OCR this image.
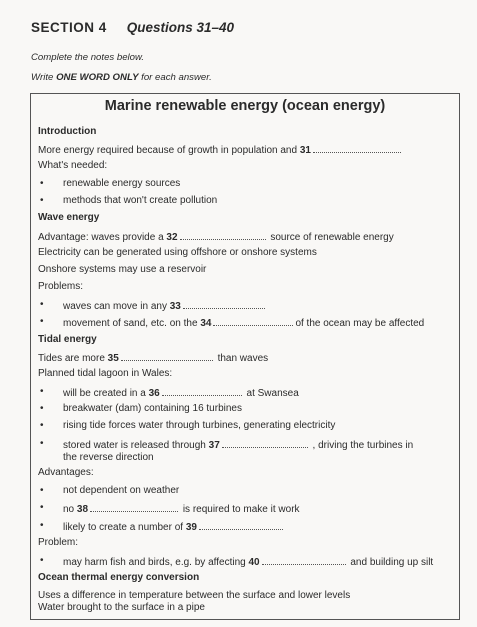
SECTION 4 Questions 31–40
Complete the notes below.
Write ONE WORD ONLY for each answer.
Marine renewable energy (ocean energy)
Introduction
More energy required because of growth in population and 31
What's needed:
• renewable energy sources
• methods that won't create pollution
Wave energy
Advantage: waves provide a 32	source of renewable energy
Electricity can be generated using offshore or onshore systems
Onshore systems may use a reservoir
Problems:
• waves can move in any 33
• movement of sand, etc. on the 34	of the ocean may be affected
Tidal energy
Tides are more 35	than waves
Planned tidal lagoon in Wales:
• will be created in a 36	at Swansea
• breakwater (dam) containing 16 turbines
• rising tide forces water through turbines, generating electricity
• stored water is released through 37	, driving the turbines in
the reverse direction
Advantages:
• not dependent on weather
• no 38	is required to make it work
• likely to create a number of 39
Problem:
• may harm fish and birds, e.g. by affecting 40	and building up silt
Ocean thermal energy conversion
Uses a difference in temperature between the surface and lower levels
Water brought to the surface in a pipe
